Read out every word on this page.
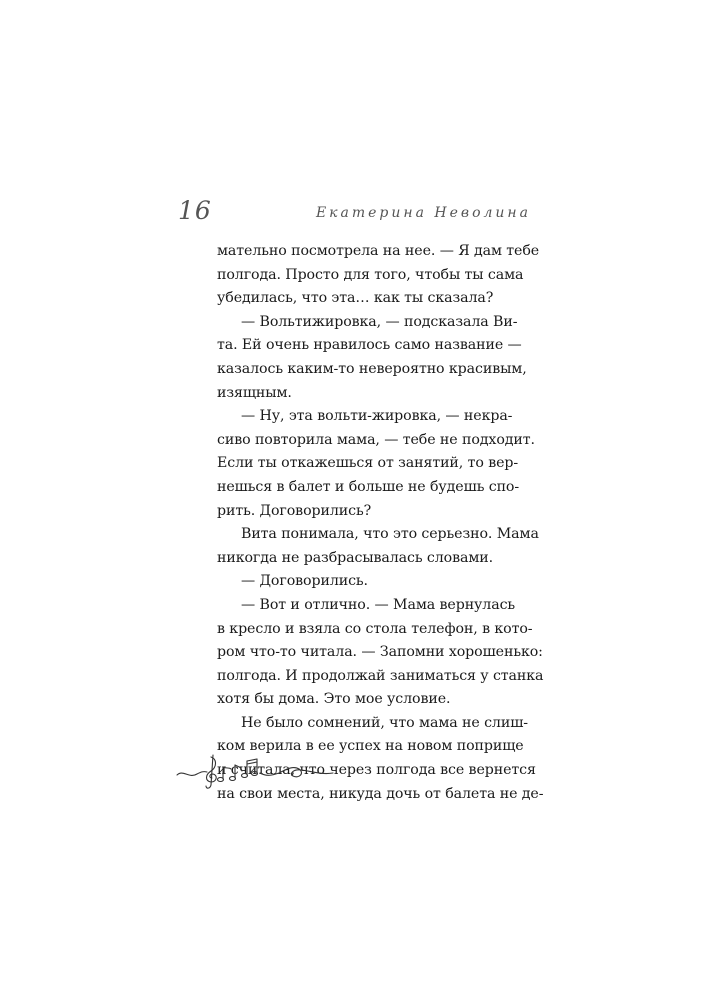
16	Екатерина Неволина
мательно посмотрела на нее. — Я дам тебе
полгода. Просто для того, чтобы ты сама
убедилась, что эта… как ты сказала?
— Вольтижировка, — подсказала Ви-
та. Ей очень нравилось само название —
казалось каким-то невероятно красивым,
изящным.
— Ну, эта вольти-жировка, — некра-
сиво повторила мама, — тебе не подходит.
Если ты откажешься от занятий, то вер-
нешься в балет и больше не будешь спо-
рить. Договорились?
Вита понимала, что это серьезно. Мама
никогда не разбрасывалась словами.
— Договорились.
— Вот и отлично. — Мама вернулась
в кресло и взяла со стола телефон, в кото-
ром что-то читала. — Запомни хорошенько:
полгода. И продолжай заниматься у станка
хотя бы дома. Это мое условие.
Не было сомнений, что мама не слиш-
ком верила в ее успех на новом поприще
и считала, что через полгода все вернется
на свои места, никуда дочь от балета не де-
